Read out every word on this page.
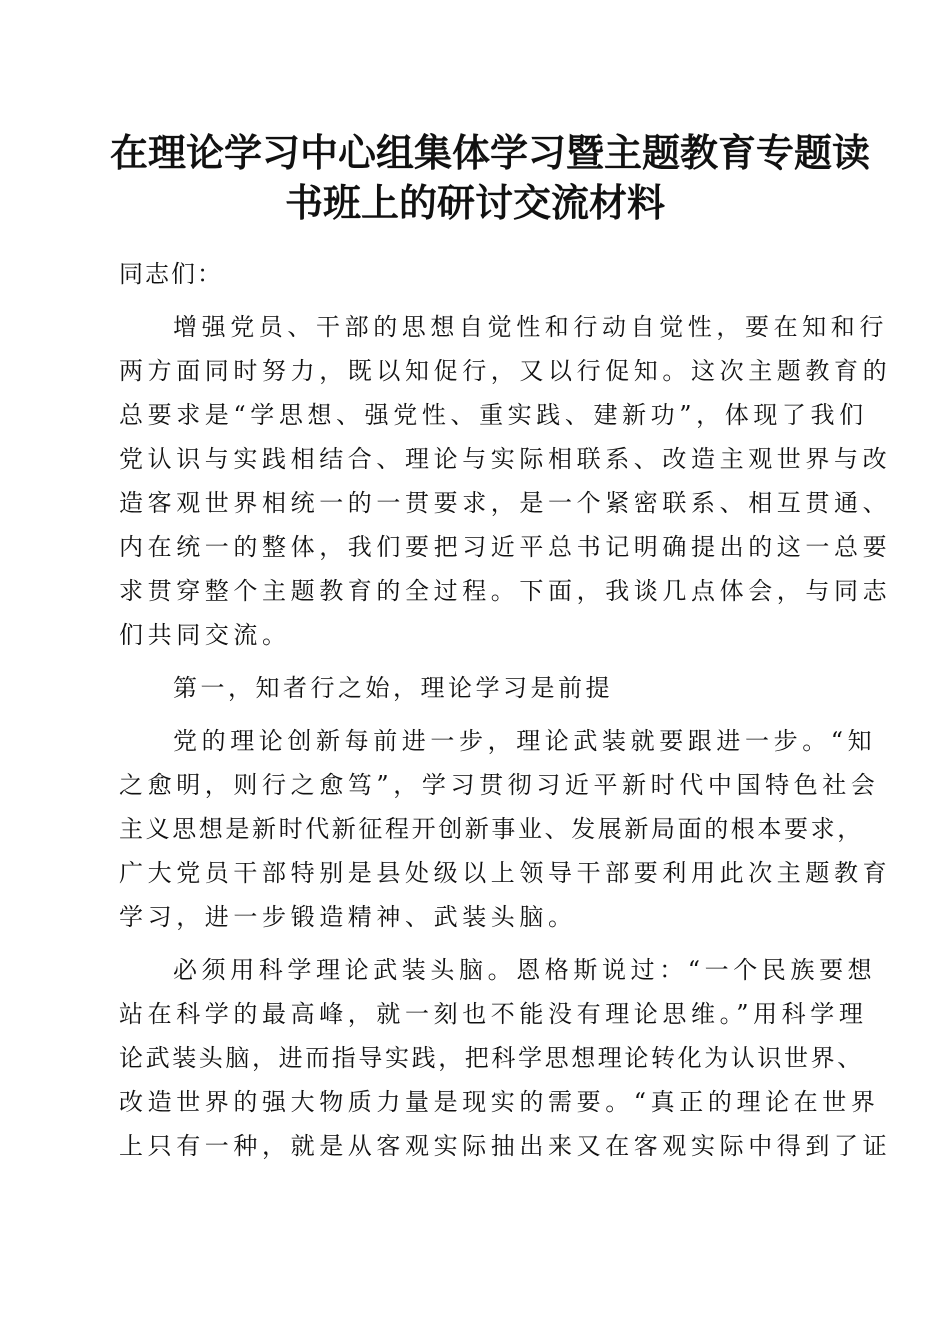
在理论学习中心组集体学习暨主题教育专题读
书班上的研讨交流材料
同志们：
增强党员、干部的思想自觉性和行动自觉性，要在知和行
两方面同时努力，既以知促行，又以行促知。这次主题教育的
总要求是“学思想、强党性、重实践、建新功”，体现了我们
党认识与实践相结合、理论与实际相联系、改造主观世界与改
造客观世界相统一的一贯要求，是一个紧密联系、相互贯通、
内在统一的整体，我们要把习近平总书记明确提出的这一总要
求贯穿整个主题教育的全过程。下面，我谈几点体会，与同志
们共同交流。
第一，知者行之始，理论学习是前提
党的理论创新每前进一步，理论武装就要跟进一步。“知
之愈明，则行之愈笃”，学习贯彻习近平新时代中国特色社会
主义思想是新时代新征程开创新事业、发展新局面的根本要求，
广大党员干部特别是县处级以上领导干部要利用此次主题教育
学习，进一步锻造精神、武装头脑。
必须用科学理论武装头脑。恩格斯说过：“一个民族要想
站在科学的最高峰，就一刻也不能没有理论思维。”用科学理
论武装头脑，进而指导实践，把科学思想理论转化为认识世界、
改造世界的强大物质力量是现实的需要。“真正的理论在世界
上只有一种，就是从客观实际抽出来又在客观实际中得到了证
